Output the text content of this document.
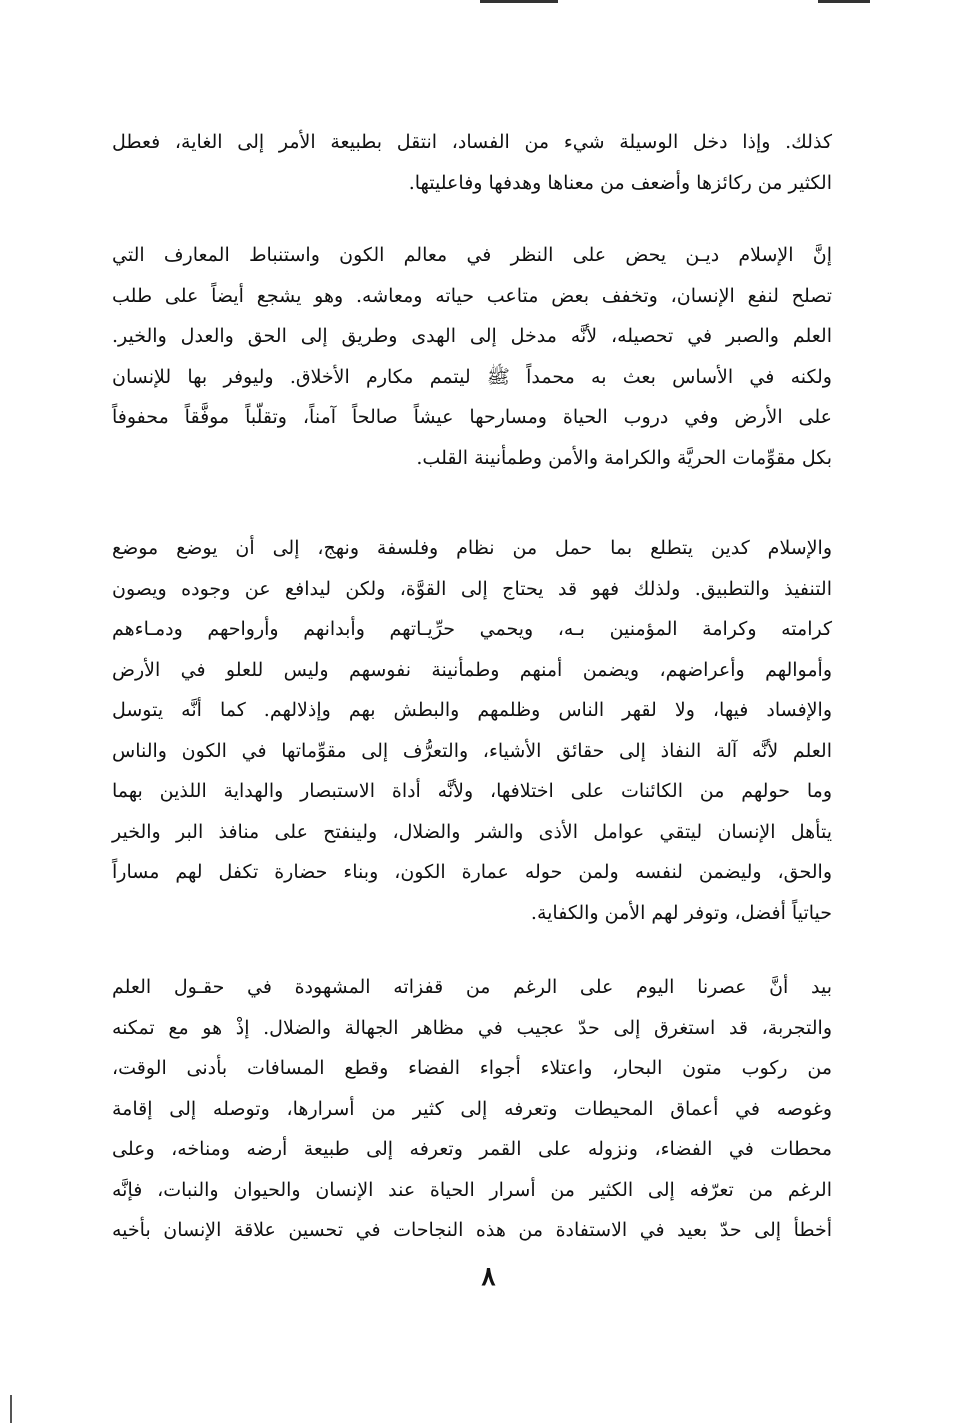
كذلك. وإذا دخل الوسيلة شيء من الفساد، انتقل بطبيعة الأمر إلى الغاية، فعطل
الكثير من ركائزها وأضعف من معناها وهدفها وفاعليتها.

إنَّ الإسلام ديـن يحض على النظر في معالم الكون واستنباط المعارف التي
تصلح لنفع الإنسان، وتخفف بعض متاعب حياته ومعاشه. وهو يشجع أيضاً على طلب
العلم والصبر في تحصيله، لأنَّه مدخل إلى الهدى وطريق إلى الحق والعدل والخير.
ولكنه في الأساس بعث به محمداً ﷺ ليتمم مكارم الأخلاق. وليوفر بها للإنسان
على الأرض وفي دروب الحياة ومسارحها عيشاً صالحاً آمناً، وتقلّباً موفَّقاً محفوفاً
بكل مقوِّمات الحريَّة والكرامة والأمن وطمأنينة القلب.

والإسلام كدين يتطلع بما حمل من نظام وفلسفة ونهج، إلى أن يوضع موضع
التنفيذ والتطبيق. ولذلك فهو قد يحتاج إلى القوَّة، ولكن ليدافع عن وجوده ويصون
كرامته وكرامة المؤمنين بـه، ويحمي حرِّيـاتهم وأبدانهم وأرواحهم ودمـاءهم
وأموالهم وأعراضهم، ويضمن أمنهم وطمأنينة نفوسهم وليس للعلو في الأرض
والإفساد فيها، ولا لقهر الناس وظلمهم والبطش بهم وإذلالهم. كما أنَّه يتوسل
العلم لأنَّه آلة النفاذ إلى حقائق الأشياء، والتعرُّف إلى مقوِّماتها في الكون والناس
وما حولهم من الكائنات على اختلافها، ولأنَّه أداة الاستبصار والهداية اللذين بهما
يتأهل الإنسان ليتقي عوامل الأذى والشر والضلال، ولينفتح على منافذ البر والخير
والحق، وليضمن لنفسه ولمن حوله عمارة الكون، وبناء حضارة تكفل لهم مساراً
حياتياً أفضل، وتوفر لهم الأمن والكفاية.

بيد أنَّ عصرنا اليوم على الرغم من قفزاته المشهودة في حقـول العلم
والتجربة، قد استغرق إلى حدّ عجيب في مظاهر الجهالة والضلال. إذْ هو مع تمكنه
من ركوب متون البحار، واعتلاء أجواء الفضاء وقطع المسافات بأدنى الوقت،
وغوصه في أعماق المحيطات وتعرفه إلى كثير من أسرارها، وتوصله إلى إقامة
محطات في الفضاء، ونزوله على القمر وتعرفه إلى طبيعة أرضه ومناخه، وعلى
الرغم من تعرّفه إلى الكثير من أسرار الحياة عند الإنسان والحيوان والنبات، فإنَّه
أخطأ إلى حدّ بعيد في الاستفادة من هذه النجاحات في تحسين علاقة الإنسان بأخيه

٨
